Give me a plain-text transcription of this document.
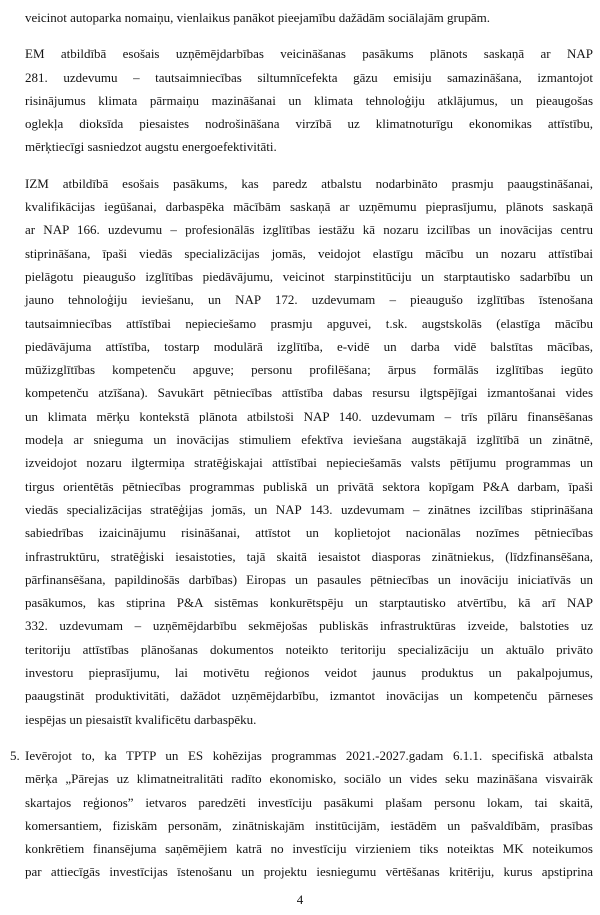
veicinot autoparka nomaiņu, vienlaikus panākot pieejamību dažādām sociālajām grupām.
EM atbildībā esošais uzņēmējdarbības veicināšanas pasākums plānots saskaņā ar NAP
281. uzdevumu – tautsaimniecības siltumnīcefekta gāzu emisiju samazināšana, izmantojot
risinājumus klimata pārmaiņu mazināšanai un klimata tehnoloģiju atklājumus, un pieaugošas
oglekļa dioksīda piesaistes nodrošināšana virzībā uz klimatnoturīgu ekonomikas attīstību,
mērķtiecīgi sasniedzot augstu energoefektivitāti.
IZM atbildībā esošais pasākums, kas paredz atbalstu nodarbināto prasmju paaugstināšanai,
kvalifikācijas iegūšanai, darbaspēka mācībām saskaņā ar uzņēmumu pieprasījumu, plānots saskaņā
ar NAP 166. uzdevumu – profesionālās izglītības iestāžu kā nozaru izcilības un inovācijas centru
stiprināšana, īpaši viedās specializācijas jomās, veidojot elastīgu mācību un nozaru attīstībai
pielāgotu pieaugušo izglītības piedāvājumu, veicinot starpinstitūciju un starptautisko sadarbību un
jauno tehnoloģiju ieviešanu, un NAP 172. uzdevumam – pieaugušo izglītības īstenošana
tautsaimniecības attīstībai nepieciešamo prasmju apguvei, t.sk. augstskolās (elastīga mācību
piedāvājuma attīstība, tostarp modulārā izglītība, e-vidē un darba vidē balstītas mācības,
mūžizglītības kompetenču apguve; personu profilēšana; ārpus formālās izglītības iegūto
kompetenču atzīšana). Savukārt pētniecības attīstība dabas resursu ilgtspējīgai izmantošanai vides
un klimata mērķu kontekstā plānota atbilstoši NAP 140. uzdevumam – trīs pīlāru finansēšanas
modeļa ar snieguma un inovācijas stimuliem efektīva ieviešana augstākajā izglītībā un zinātnē,
izveidojot nozaru ilgtermiņa stratēģiskajai attīstībai nepieciešamās valsts pētījumu programmas un
tirgus orientētās pētniecības programmas publiskā un privātā sektora kopīgam P&A darbam, īpaši
viedās specializācijas stratēģijas jomās, un NAP 143. uzdevumam – zinātnes izcilības stiprināšana
sabiedrības izaicinājumu risināšanai, attīstot un koplietojot nacionālas nozīmes pētniecības
infrastruktūru, stratēģiski iesaistoties, tajā skaitā iesaistot diasporas zinātniekus, (līdzfinansēšana,
pārfinansēšana, papildinošās darbības) Eiropas un pasaules pētniecības un inovāciju iniciatīvās un
pasākumos, kas stiprina P&A sistēmas konkurētspēju un starptautisko atvērtību, kā arī NAP
332. uzdevumam – uzņēmējdarbību sekmējošas publiskās infrastruktūras izveide, balstoties uz
teritoriju attīstības plānošanas dokumentos noteikto teritoriju specializāciju un aktuālo privāto
investoru pieprasījumu, lai motivētu reģionos veidot jaunus produktus un pakalpojumus,
paaugstināt produktivitāti, dažādot uzņēmējdarbību, izmantot inovācijas un kompetenču pārneses
iespējas un piesaistīt kvalificētu darbaspēku.
5. Ievērojot to, ka TPTP un ES kohēzijas programmas 2021.-2027.gadam 6.1.1. specifiskā atbalsta
mērķa „Pārejas uz klimatneitralitāti radīto ekonomisko, sociālo un vides seku mazināšana visvairāk
skartajos reģionos” ietvaros paredzēti investīciju pasākumi plašam personu lokam, tai skaitā,
komersantiem, fiziskām personām, zinātniskajām institūcijām, iestādēm un pašvaldībām, prasības
konkrētiem finansējuma saņēmējiem katrā no investīciju virzieniem tiks noteiktas MK noteikumos
par attiecīgās investīcijas īstenošanu un projektu iesniegumu vērtēšanas kritēriju, kurus apstiprina
4
